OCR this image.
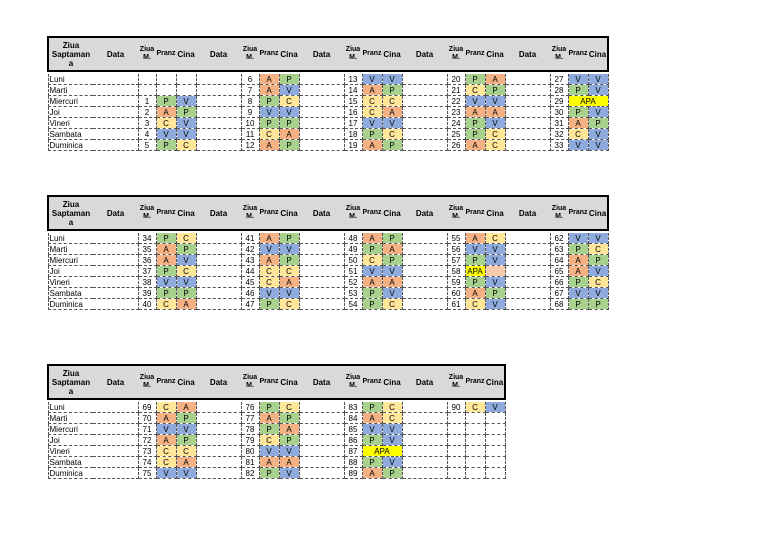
Ziua Saptaman a	Data	Ziua M.	Pranz	Cina	Data	Ziua M.	Pranz	Cina	Data	Ziua M.	Pranz	Cina	Data	Ziua M.	Pranz	Cina	Data	Ziua M.	Pranz	Cina

Luni						6	A	P		13	V	V		20	P	A		27	V	V
Marti						7	A	V		14	A	P		21	C	P		28	P	V
Miercuri		1	P	V		8	P	C		15	C	C		22	V	V		29	APA	
Joi		2	A	P		9	V	V		16	C	A		23	A	A		30	P	V
Vineri		3	C	V		10	P	P		17	V	V		24	P	V		31	A	P
Sambata		4	V	V		11	C	A		18	P	C		25	P	C		32	C	V
Duminica		5	P	C		12	A	P		19	A	P		26	A	C		33	V	V
Ziua Saptaman a	Data	Ziua M.	Pranz	Cina	Data	Ziua M.	Pranz	Cina	Data	Ziua M.	Pranz	Cina	Data	Ziua M.	Pranz	Cina	Data	Ziua M.	Pranz	Cina

Luni		34	P	C		41	A	P		48	A	P		55	A	C		62	V	V
Marti		35	A	P		42	V	V		49	P	A		56	V	V		63	P	C
Miercuri		36	A	V		43	A	P		50	C	P		57	P	V		64	A	P
Joi		37	P	C		44	C	C		51	V	V		58	APA			65	A	V
Vineri		38	V	V		45	C	A		52	A	A		59	P	V		66	P	C
Sambata		39	P	P		46	V	V		53	P	V		60	A	P		67	V	V
Duminica		40	C	A		47	P	C		54	P	C		61	C	V		68	P	P
Ziua Saptaman a	Data	Ziua M.	Pranz	Cina	Data	Ziua M.	Pranz	Cina	Data	Ziua M.	Pranz	Cina	Data	Ziua M.	Pranz	Cina

Luni		69	C	A		76	P	C		83	P	C		90	C	V
Marti		70	A	P		77	A	P		84	A	C				
Miercuri		71	V	V		78	P	A		85	V	V				
Joi		72	A	P		79	C	P		86	P	V				
Vineri		73	C	C		80	V	V		87	APA					
Sambata		74	C	A		81	A	A		88	P	V				
Duminica		75	V	V		82	P	V		89	A	P				
